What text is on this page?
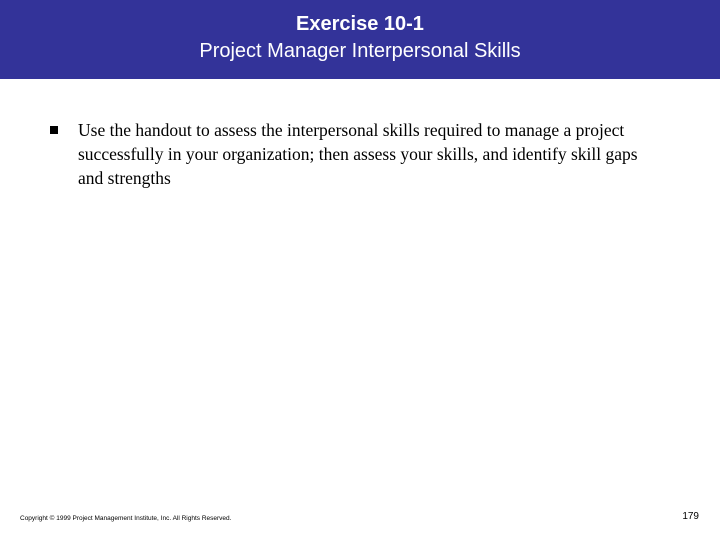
Exercise 10-1
Project Manager Interpersonal Skills
Use the handout to assess the interpersonal skills required to manage a project successfully in your organization; then assess your skills, and identify skill gaps and strengths
Copyright © 1999 Project Management Institute, Inc. All Rights Reserved.	179
